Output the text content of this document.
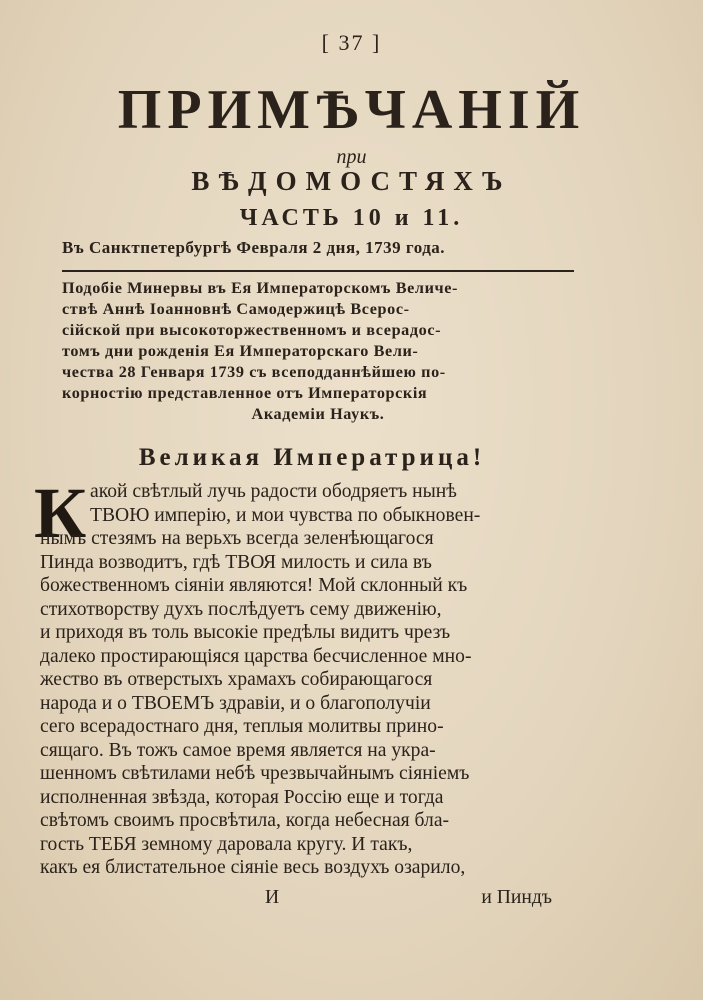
[ 37 ]
ПРИМѢЧАНIЙ
при
ВѢДОМОСТЯХЪ
ЧАСТЬ 10 и 11.
Въ Санктпетербургѣ Февраля 2 дня, 1739 года.
Подобiе Минервы въ Ея Императорскомъ Величе-
ствѣ Аннѣ Iоанновнѣ Самодержицѣ Всерос-
сiйской при высокоторжественномъ и всерадос-
томъ дни рожденiя Ея Императорскаго Вели-
чества 28 Генваря 1739 съ всеподданнѣйшею по-
корностiю представленное отъ Императорскiя
Академiи Наукъ.
Великая Императрица!
К акой свѣтлый лучь радости ободряетъ нынѣ
ТВОЮ имперiю, и мои чувства по обыкновен-
нымъ стезямъ на верьхъ всегда зеленѣющагося
Пинда возводитъ, гдѣ ТВОЯ милость и сила въ
божественномъ сiянiи являются! Мой склонный къ
стихотворству духъ послѣдуетъ сему движенiю,
и приходя въ толь высокiе предѣлы видитъ чрезъ
далеко простирающiяся царства бесчисленное мно-
жество въ отверстыхъ храмахъ собирающагося
народа и о ТВОЕМЪ здравiи, и о благополучiи
сего всерадостнаго дня, теплыя молитвы прино-
сящаго. Въ тожъ самое время является на укра-
шенномъ свѣтилами небѣ чрезвычайнымъ сiянiемъ
исполненная звѣзда, которая Россiю еще и тогда
свѣтомъ своимъ просвѣтила, когда небесная бла-
гость ТЕБЯ земному даровала кругу. И такъ,
какъ ея блистательное сiянiе весь воздухъ озарило,
И	и Пиндъ
